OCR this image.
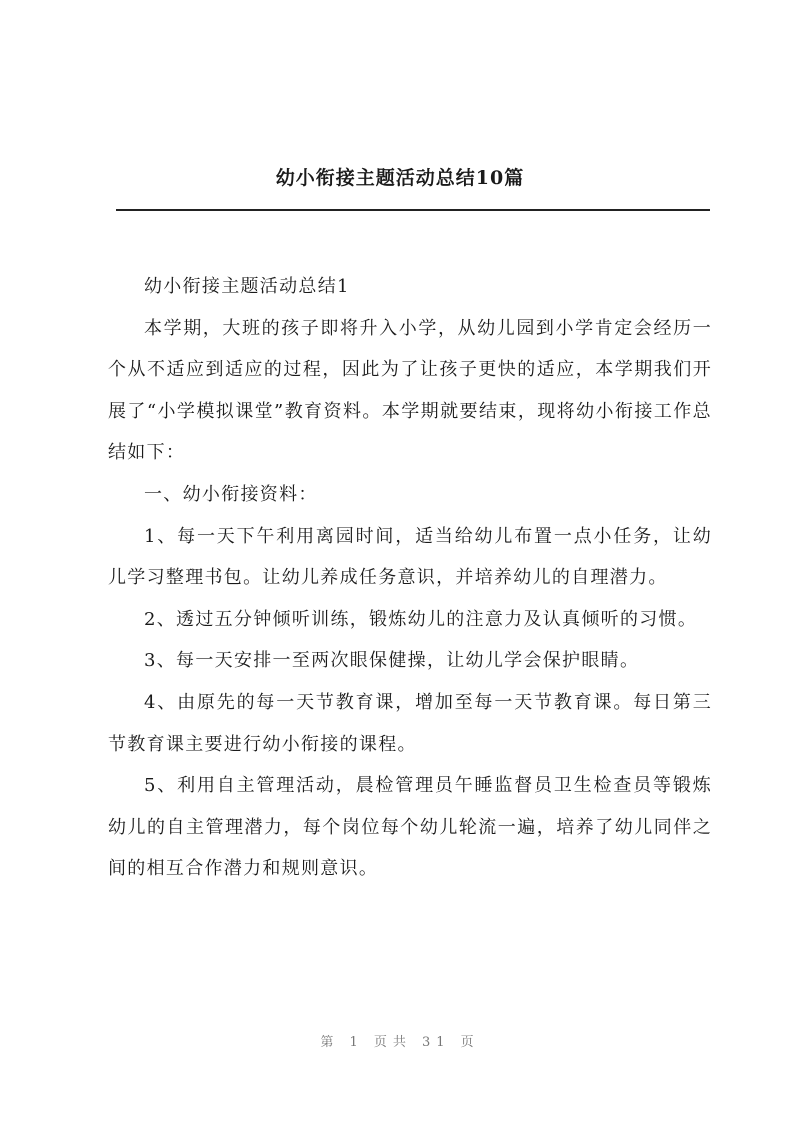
幼小衔接主题活动总结10篇

幼小衔接主题活动总结1

本学期，大班的孩子即将升入小学，从幼儿园到小学肯定会经历一个从不适应到适应的过程，因此为了让孩子更快的适应，本学期我们开展了“小学模拟课堂”教育资料。本学期就要结束，现将幼小衔接工作总结如下：

一、幼小衔接资料：

1、每一天下午利用离园时间，适当给幼儿布置一点小任务，让幼儿学习整理书包。让幼儿养成任务意识，并培养幼儿的自理潜力。

2、透过五分钟倾听训练，锻炼幼儿的注意力及认真倾听的习惯。

3、每一天安排一至两次眼保健操，让幼儿学会保护眼睛。

4、由原先的每一天节教育课，增加至每一天节教育课。每日第三节教育课主要进行幼小衔接的课程。

5、利用自主管理活动，晨检管理员午睡监督员卫生检查员等锻炼幼儿的自主管理潜力，每个岗位每个幼儿轮流一遍，培养了幼儿同伴之间的相互合作潜力和规则意识。

第 1 页共 31 页
